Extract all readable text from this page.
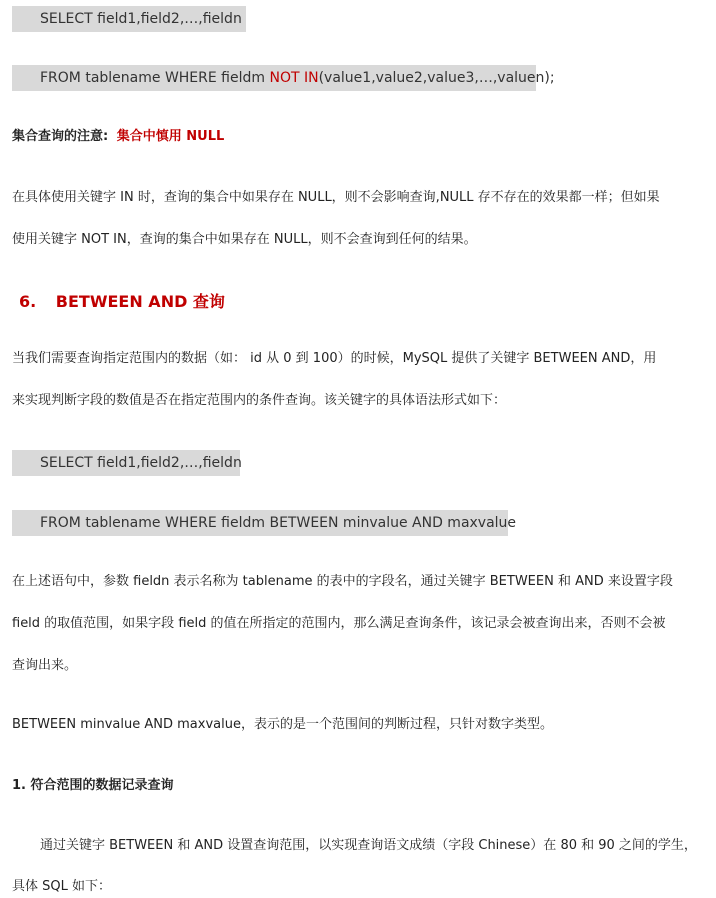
SELECT field1,field2,…,fieldn
FROM tablename WHERE fieldm NOT IN(value1,value2,value3,…,valuen);
集合查询的注意: 集合中慎用 NULL
在具体使用关键字 IN 时，查询的集合中如果存在 NULL，则不会影响查询,NULL 存不存在的效果都一样；但如果
使用关键字 NOT IN，查询的集合中如果存在 NULL，则不会查询到任何的结果。
6. BETWEEN AND 查询
当我们需要查询指定范围内的数据（如： id 从 0 到 100）的时候，MySQL 提供了关键字 BETWEEN AND，用
来实现判断字段的数值是否在指定范围内的条件查询。该关键字的具体语法形式如下：
SELECT field1,field2,…,fieldn
FROM tablename WHERE fieldm BETWEEN minvalue AND maxvalue
在上述语句中，参数 fieldn 表示名称为 tablename 的表中的字段名，通过关键字 BETWEEN 和 AND 来设置字段
field 的取值范围，如果字段 field 的值在所指定的范围内，那么满足查询条件，该记录会被查询出来，否则不会被
查询出来。
BETWEEN minvalue AND maxvalue，表示的是一个范围间的判断过程，只针对数字类型。
1. 符合范围的数据记录查询
通过关键字 BETWEEN 和 AND 设置查询范围，以实现查询语文成绩（字段 Chinese）在 80 和 90 之间的学生，
具体 SQL 如下：
